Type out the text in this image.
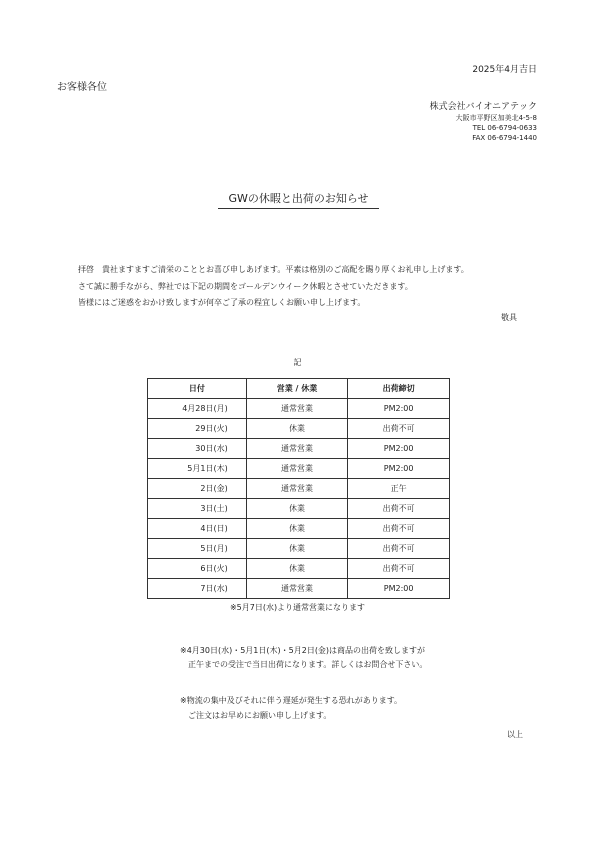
2025年4月吉日
お客様各位
株式会社バイオニアテック
大阪市平野区加美北4-5-8
TEL 06-6794-0633
FAX 06-6794-1440
GWの休暇と出荷のお知らせ
拝啓　貴社ますますご清栄のこととお喜び申しあげます。平素は格別のご高配を賜り厚くお礼申し上げます。
さて誠に勝手ながら、弊社では下記の期間をゴールデンウイーク休暇とさせていただきます。
皆様にはご迷惑をおかけ致しますが何卒ご了承の程宜しくお願い申し上げます。
敬具
記
日付	営業 / 休業	出荷締切
4月28日(月)	通常営業	PM2:00
29日(火)	休業	出荷不可
30日(水)	通常営業	PM2:00
5月1日(木)	通常営業	PM2:00
2日(金)	通常営業	正午
3日(土)	休業	出荷不可
4日(日)	休業	出荷不可
5日(月)	休業	出荷不可
6日(火)	休業	出荷不可
7日(水)	通常営業	PM2:00
※5月7日(水)より通常営業になります
※4月30日(水)・5月1日(木)・5月2日(金)は商品の出荷を致しますが
正午までの受注で当日出荷になります。詳しくはお問合せ下さい。
※物流の集中及びそれに伴う遅延が発生する恐れがあります。
ご注文はお早めにお願い申し上げます。
以上
